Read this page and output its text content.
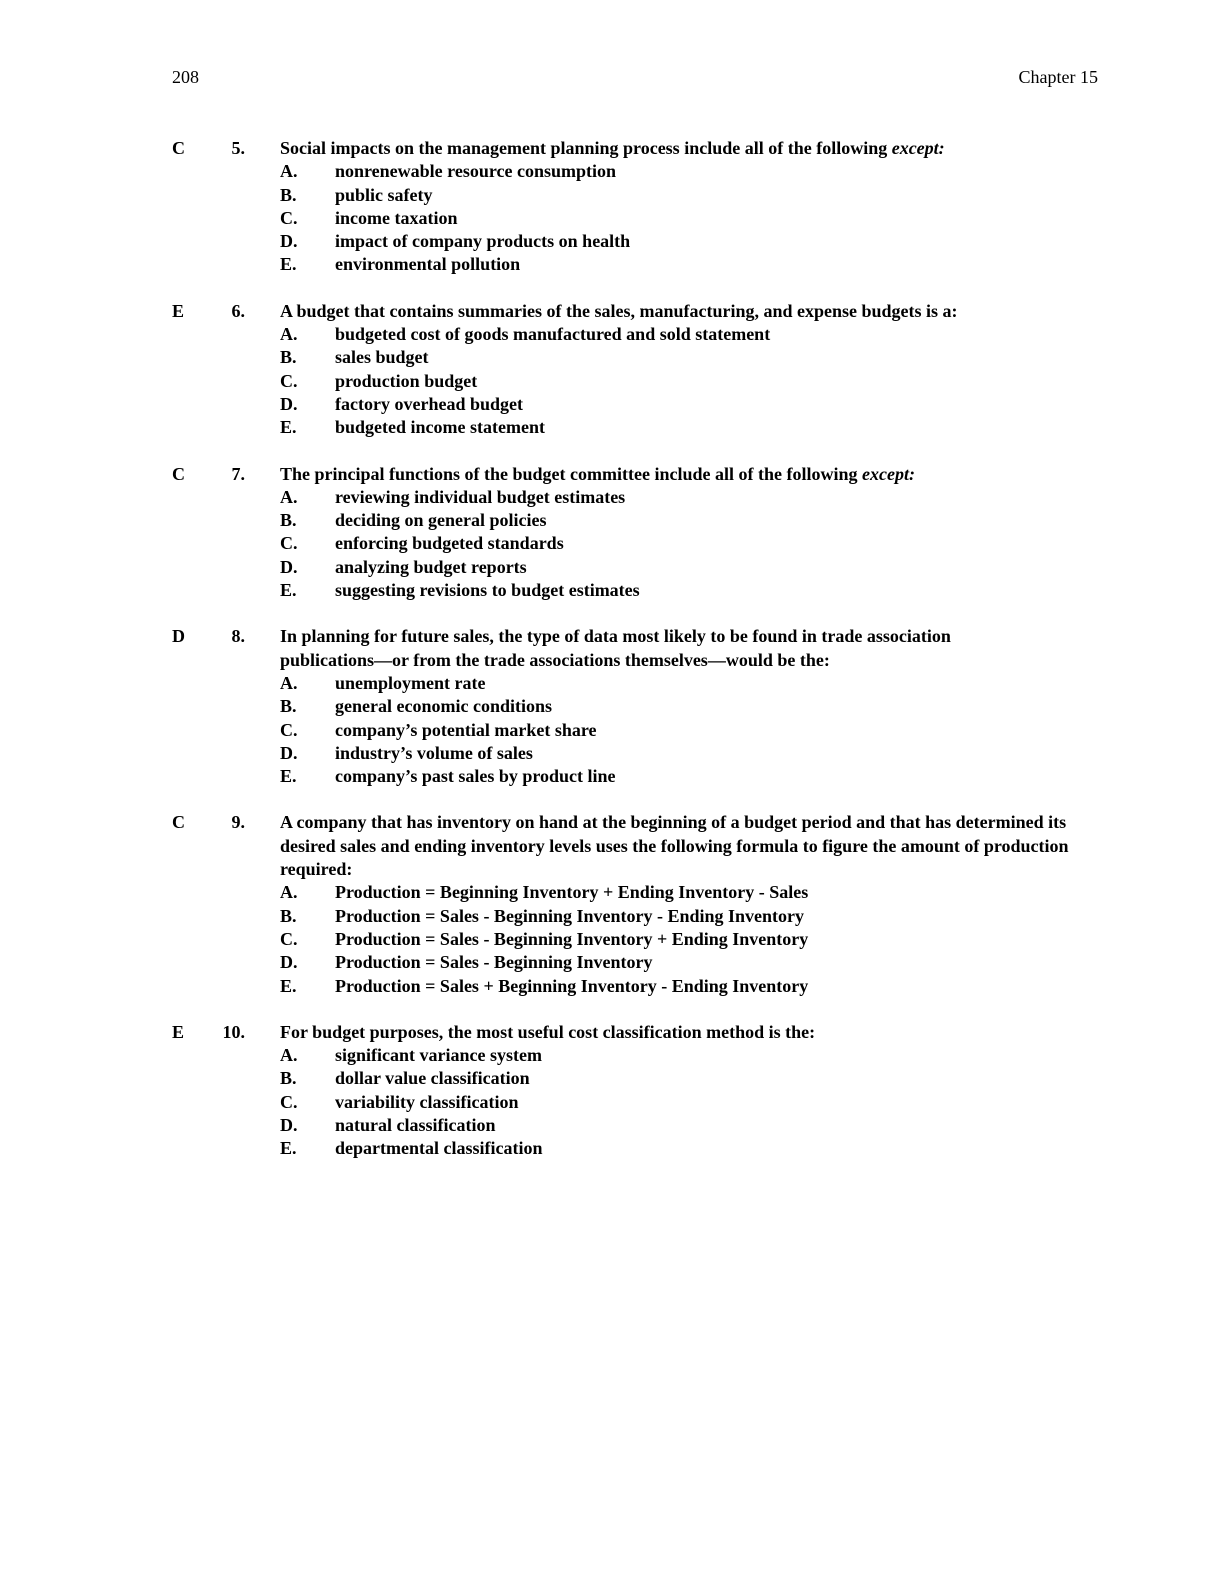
208	Chapter 15
C	5. Social impacts on the management planning process include all of the following except:
A. nonrenewable resource consumption
B. public safety
C. income taxation
D. impact of company products on health
E. environmental pollution
E	6. A budget that contains summaries of the sales, manufacturing, and expense budgets is a:
A. budgeted cost of goods manufactured and sold statement
B. sales budget
C. production budget
D. factory overhead budget
E. budgeted income statement
C	7. The principal functions of the budget committee include all of the following except:
A. reviewing individual budget estimates
B. deciding on general policies
C. enforcing budgeted standards
D. analyzing budget reports
E. suggesting revisions to budget estimates
D	8. In planning for future sales, the type of data most likely to be found in trade association publications—or from the trade associations themselves—would be the:
A. unemployment rate
B. general economic conditions
C. company’s potential market share
D. industry’s volume of sales
E. company’s past sales by product line
C	9. A company that has inventory on hand at the beginning of a budget period and that has determined its desired sales and ending inventory levels uses the following formula to figure the amount of production required:
A. Production = Beginning Inventory + Ending Inventory - Sales
B. Production = Sales - Beginning Inventory - Ending Inventory
C. Production = Sales - Beginning Inventory + Ending Inventory
D. Production = Sales - Beginning Inventory
E. Production = Sales + Beginning Inventory - Ending Inventory
E 10. For budget purposes, the most useful cost classification method is the:
A. significant variance system
B. dollar value classification
C. variability classification
D. natural classification
E. departmental classification
